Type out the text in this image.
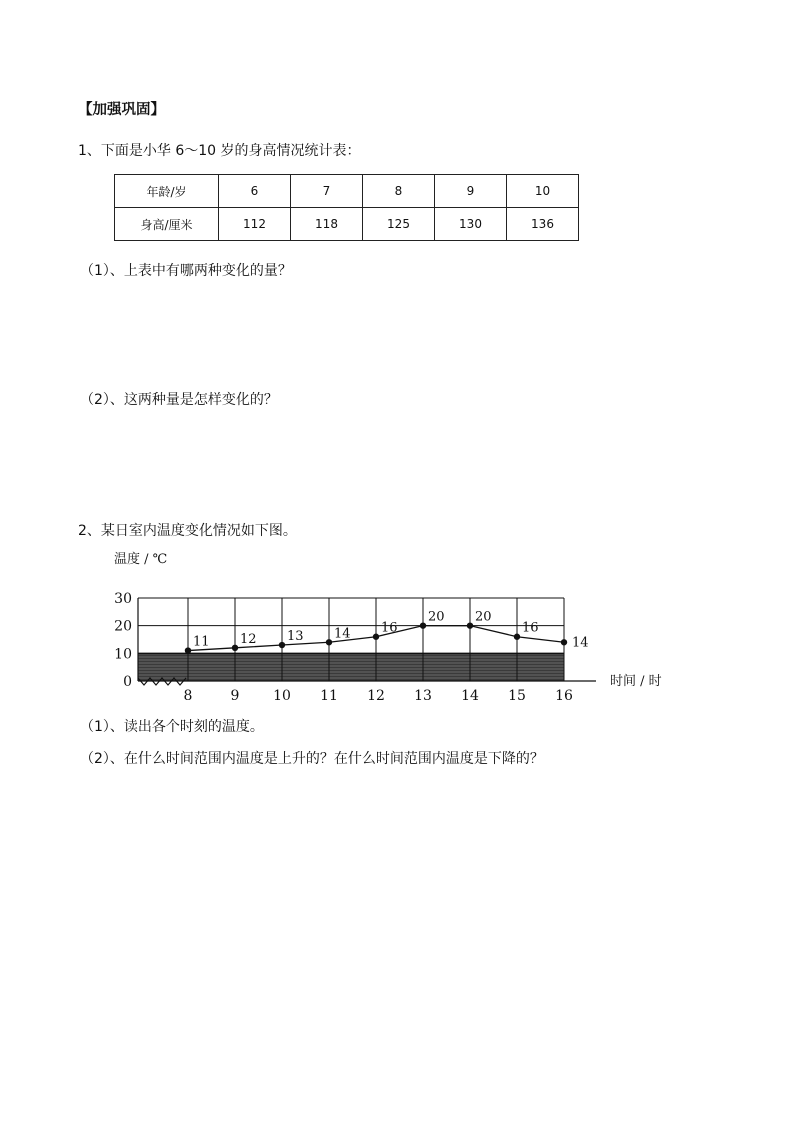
【加强巩固】
1、下面是小华 6～10 岁的身高情况统计表：
年龄/岁	6	7	8	9	10
身高/厘米	112	118	125	130	136
（1）、上表中有哪两种变化的量？
（2）、这两种量是怎样变化的？
2、某日室内温度变化情况如下图。
0
10
20
30
8	9 10 11 12 13 14 15 16
温度 / ℃
时间 / 时
11 12 13 14 16
20 20
16
14
（1）、读出各个时刻的温度。
（2）、在什么时间范围内温度是上升的？在什么时间范围内温度是下降的？
